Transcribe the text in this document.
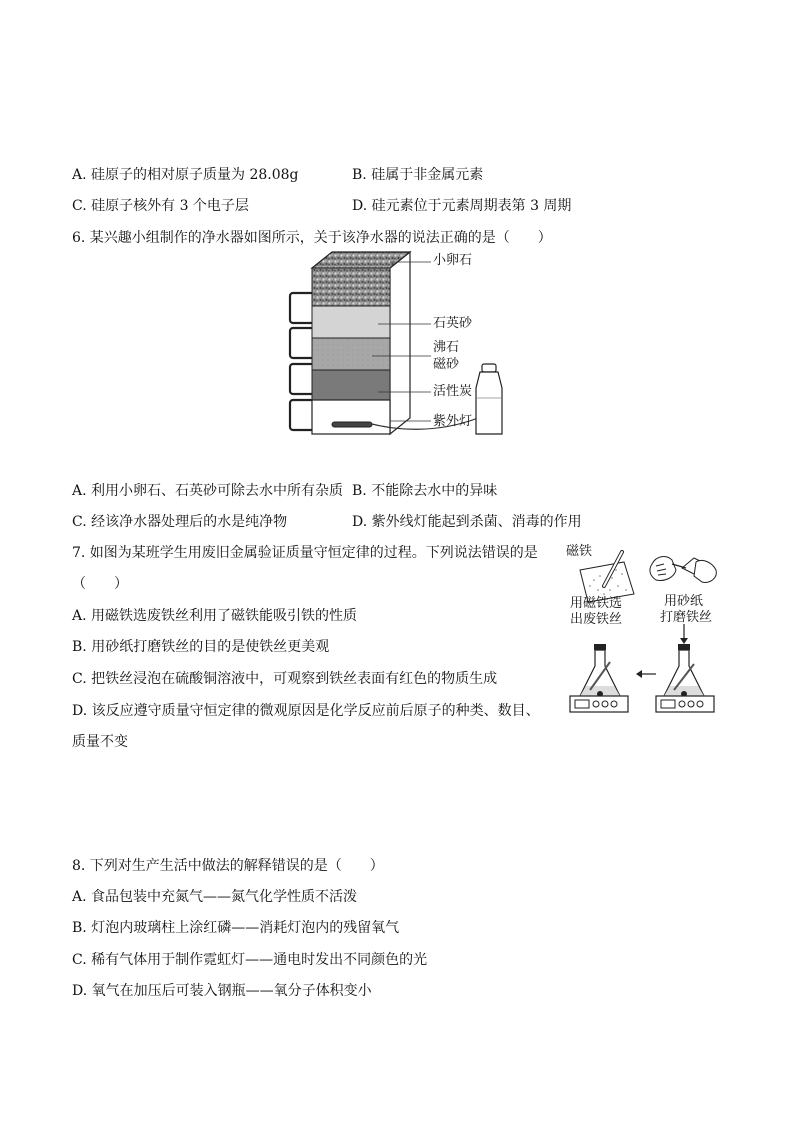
A. 硅原子的相对原子质量为 28.08g	B. 硅属于非金属元素
C. 硅原子核外有 3 个电子层	D. 硅元素位于元素周期表第 3 周期
6. 某兴趣小组制作的净水器如图所示，关于该净水器的说法正确的是（　　）
小卵石
石英砂
沸石
磁砂
活性炭
紫外灯
A. 利用小卵石、石英砂可除去水中所有杂质 B. 不能除去水中的异味
C. 经该净水器处理后的水是纯净物	D. 紫外线灯能起到杀菌、消毒的作用
7. 如图为某班学生用废旧金属验证质量守恒定律的过程。下列说法错误的是
（　　）
A. 用磁铁选废铁丝利用了磁铁能吸引铁的性质
B. 用砂纸打磨铁丝的目的是使铁丝更美观
C. 把铁丝浸泡在硫酸铜溶液中，可观察到铁丝表面有红色的物质生成
D. 该反应遵守质量守恒定律的微观原因是化学反应前后原子的种类、数目、
质量不变
磁铁
用磁铁选
出废铁丝
用砂纸
打磨铁丝
8. 下列对生产生活中做法的解释错误的是（　　）
A. 食品包装中充氮气——氮气化学性质不活泼
B. 灯泡内玻璃柱上涂红磷——消耗灯泡内的残留氧气
C. 稀有气体用于制作霓虹灯——通电时发出不同颜色的光
D. 氧气在加压后可装入钢瓶——氧分子体积变小
